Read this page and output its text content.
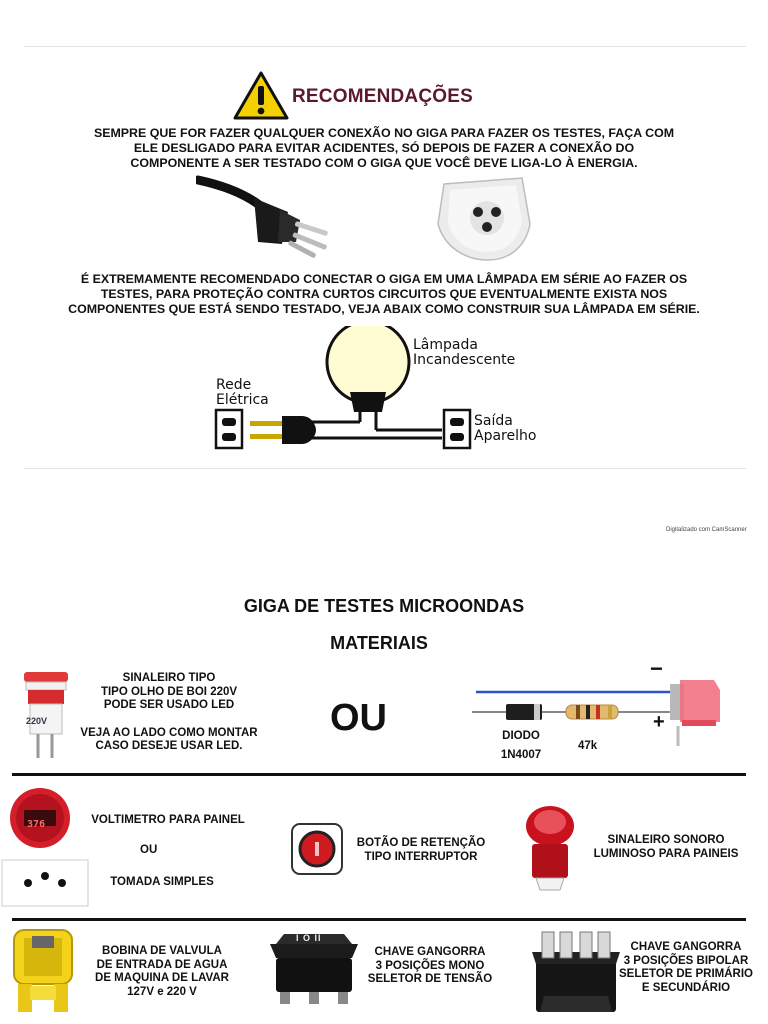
RECOMENDAÇÕES
SEMPRE QUE FOR FAZER QUALQUER CONEXÃO NO GIGA PARA FAZER OS TESTES, FAÇA COM
ELE DESLIGADO PARA EVITAR ACIDENTES, SÓ DEPOIS DE FAZER A CONEXÃO DO
COMPONENTE A SER TESTADO COM O GIGA QUE VOCÊ DEVE LIGA-LO À ENERGIA.
É EXTREMAMENTE RECOMENDADO CONECTAR O GIGA EM UMA LÂMPADA EM SÉRIE AO FAZER OS
TESTES, PARA PROTEÇÃO CONTRA CURTOS CIRCUITOS QUE EVENTUALMENTE EXISTA NOS
COMPONENTES QUE ESTÁ SENDO TESTADO, VEJA ABAIX COMO CONSTRUIR SUA LÂMPADA EM SÉRIE.
Lâmpada
Incandescente
Rede
Elétrica
Saída
Aparelho
Digitalizado com CamScanner
GIGA DE TESTES MICROONDAS
MATERIAIS
220V
SINALEIRO TIPO
TIPO OLHO DE BOI 220V
PODE SER USADO LED
VEJA AO LADO COMO MONTAR
CASO DESEJE USAR LED.
OU
−
+
DIODO
1N4007
47k
376	VOLTIMETRO PARA PAINEL
OU
TOMADA SIMPLES
BOTÃO DE RETENÇÃO
TIPO INTERRUPTOR
SINALEIRO SONORO
LUMINOSO PARA PAINEIS
BOBINA DE VALVULA
DE ENTRADA DE AGUA
DE MAQUINA DE LAVAR
127V e 220 V
I O II
CHAVE GANGORRA
3 POSIÇÕES MONO
SELETOR DE TENSÃO
CHAVE GANGORRA
3 POSIÇÕES BIPOLAR
SELETOR DE PRIMÁRIO
E SECUNDÁRIO
